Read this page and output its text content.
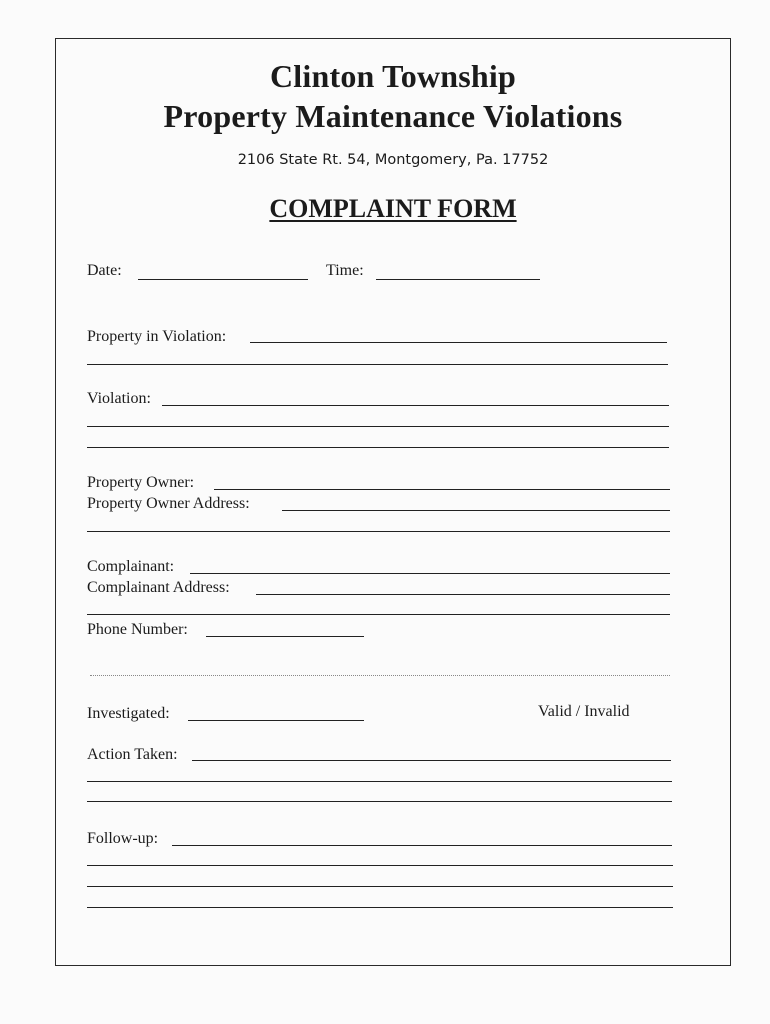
Clinton Township
Property Maintenance Violations
2106 State Rt. 54, Montgomery, Pa. 17752
COMPLAINT FORM
Date:	Time:
Property in Violation:
Violation:
Property Owner:
Property Owner Address:
Complainant:
Complainant Address:
Phone Number:
Investigated:	Valid / Invalid
Action Taken:
Follow-up:
